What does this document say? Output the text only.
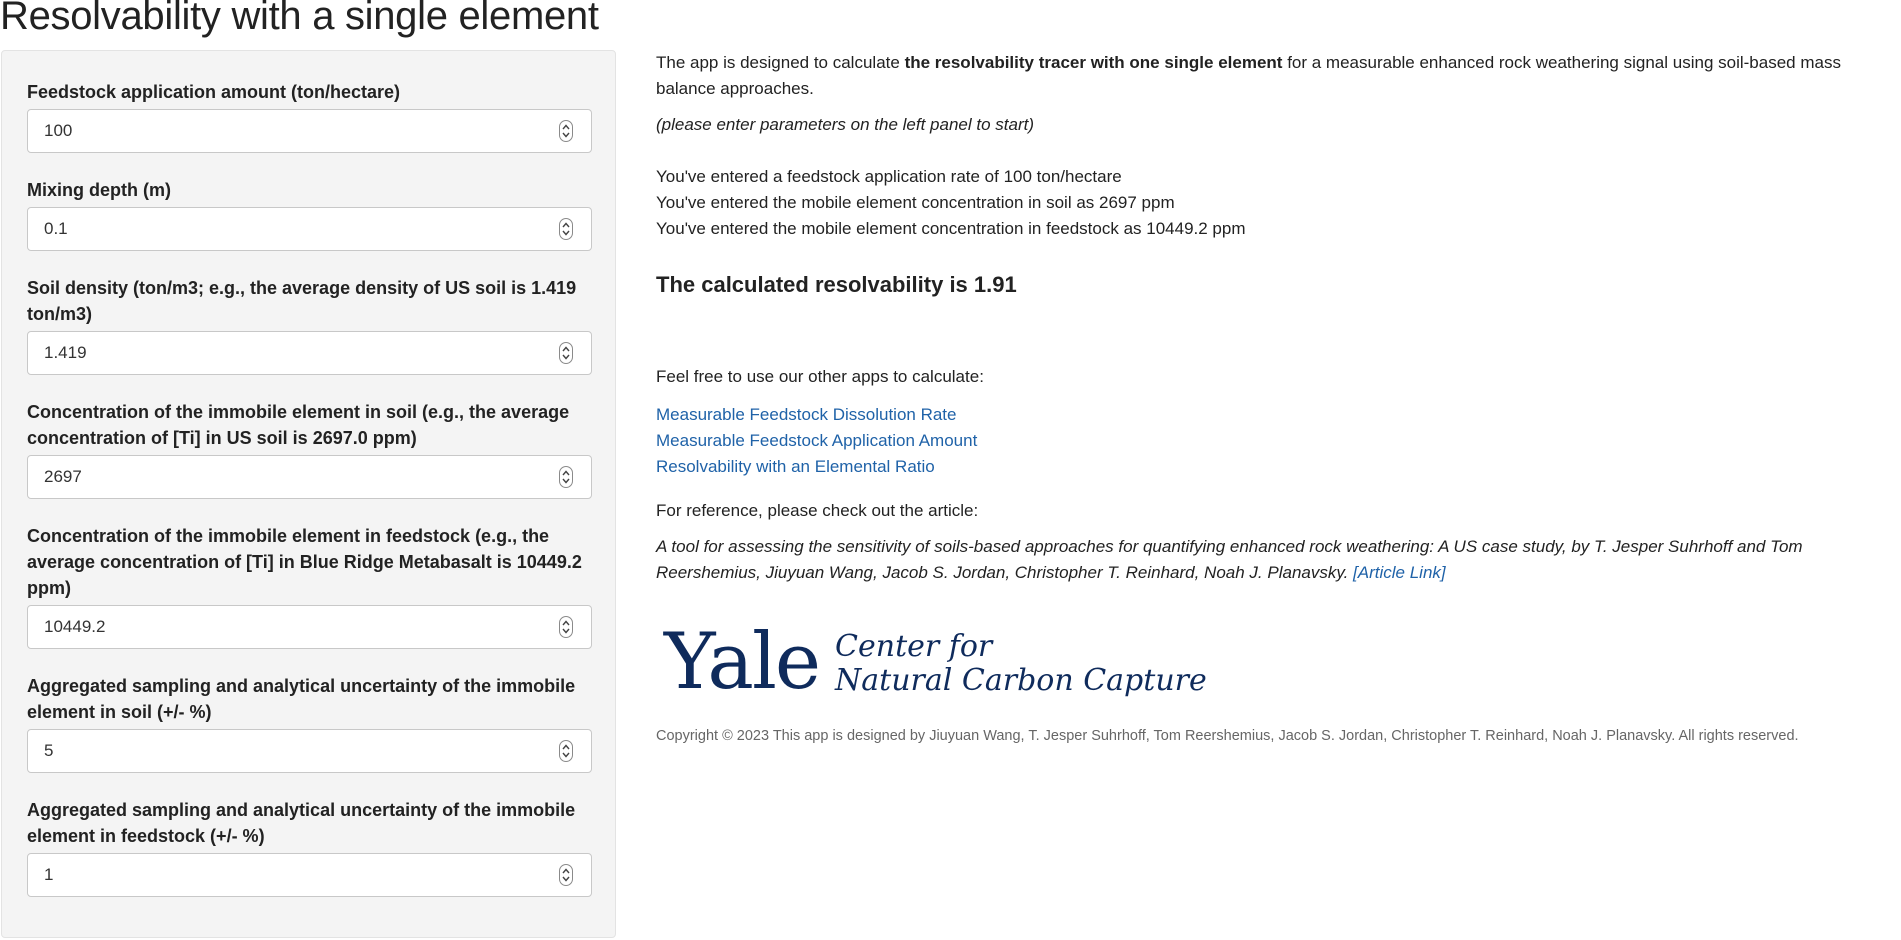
Resolvability with a single element
Feedstock application amount (ton/hectare)
100
Mixing depth (m)
0.1
Soil density (ton/m3; e.g., the average density of US soil is 1.419 ton/m3)
1.419
Concentration of the immobile element in soil (e.g., the average concentration of [Ti] in US soil is 2697.0 ppm)
2697
Concentration of the immobile element in feedstock (e.g., the average concentration of [Ti] in Blue Ridge Metabasalt is 10449.2 ppm)
10449.2
Aggregated sampling and analytical uncertainty of the immobile element in soil (+/- %)
5
Aggregated sampling and analytical uncertainty of the immobile element in feedstock (+/- %)
1

The app is designed to calculate the resolvability tracer with one single element for a measurable enhanced rock weathering signal using soil-based mass balance approaches.

(please enter parameters on the left panel to start)

You've entered a feedstock application rate of 100 ton/hectare

You've entered the mobile element concentration in soil as 2697 ppm

You've entered the mobile element concentration in feedstock as 10449.2 ppm

The calculated resolvability is 1.91

Feel free to use our other apps to calculate:

Measurable Feedstock Dissolution Rate
Measurable Feedstock Application Amount
Resolvability with an Elemental Ratio

For reference, please check out the article:

A tool for assessing the sensitivity of soils-based approaches for quantifying enhanced rock weathering: A US case study, by T. Jesper Suhrhoff and Tom Reershemius, Jiuyuan Wang, Jacob S. Jordan, Christopher T. Reinhard, Noah J. Planavsky. [Article Link]

Yale Center for
Natural Carbon Capture

Copyright © 2023 This app is designed by Jiuyuan Wang, T. Jesper Suhrhoff, Tom Reershemius, Jacob S. Jordan, Christopher T. Reinhard, Noah J. Planavsky. All rights reserved.
